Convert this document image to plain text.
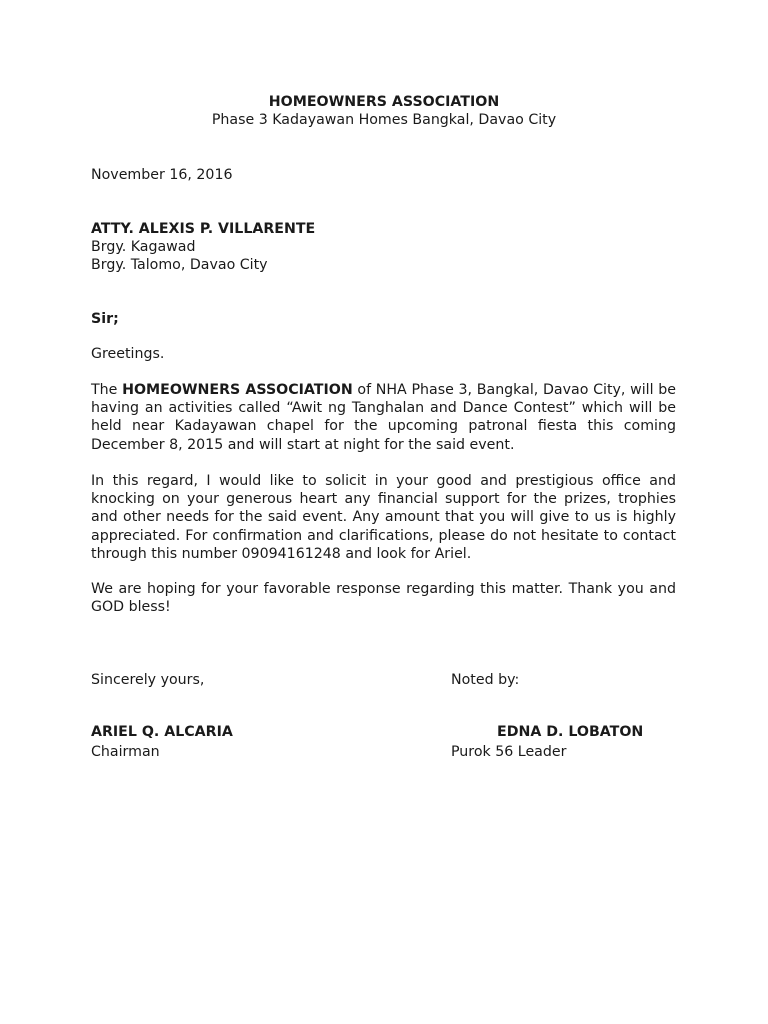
HOMEOWNERS ASSOCIATION
Phase 3 Kadayawan Homes Bangkal, Davao City
November 16, 2016
ATTY. ALEXIS P. VILLARENTE
Brgy. Kagawad
Brgy. Talomo, Davao City
Sir;
Greetings.
The HOMEOWNERS ASSOCIATION of NHA Phase 3, Bangkal, Davao City, will be having an activities called “Awit ng Tanghalan and Dance Contest” which will be held near Kadayawan chapel for the upcoming patronal fiesta this coming December 8, 2015 and will start at night for the said event.
In this regard, I would like to solicit in your good and prestigious office and knocking on your generous heart any financial support for the prizes, trophies and other needs for the said event. Any amount that you will give to us is highly appreciated. For confirmation and clarifications, please do not hesitate to contact through this number 09094161248 and look for Ariel.
We are hoping for your favorable response regarding this matter. Thank you and GOD bless!
Sincerely yours,	Noted by:
ARIEL Q. ALCARIA	EDNA D. LOBATON
Chairman	Purok 56 Leader
